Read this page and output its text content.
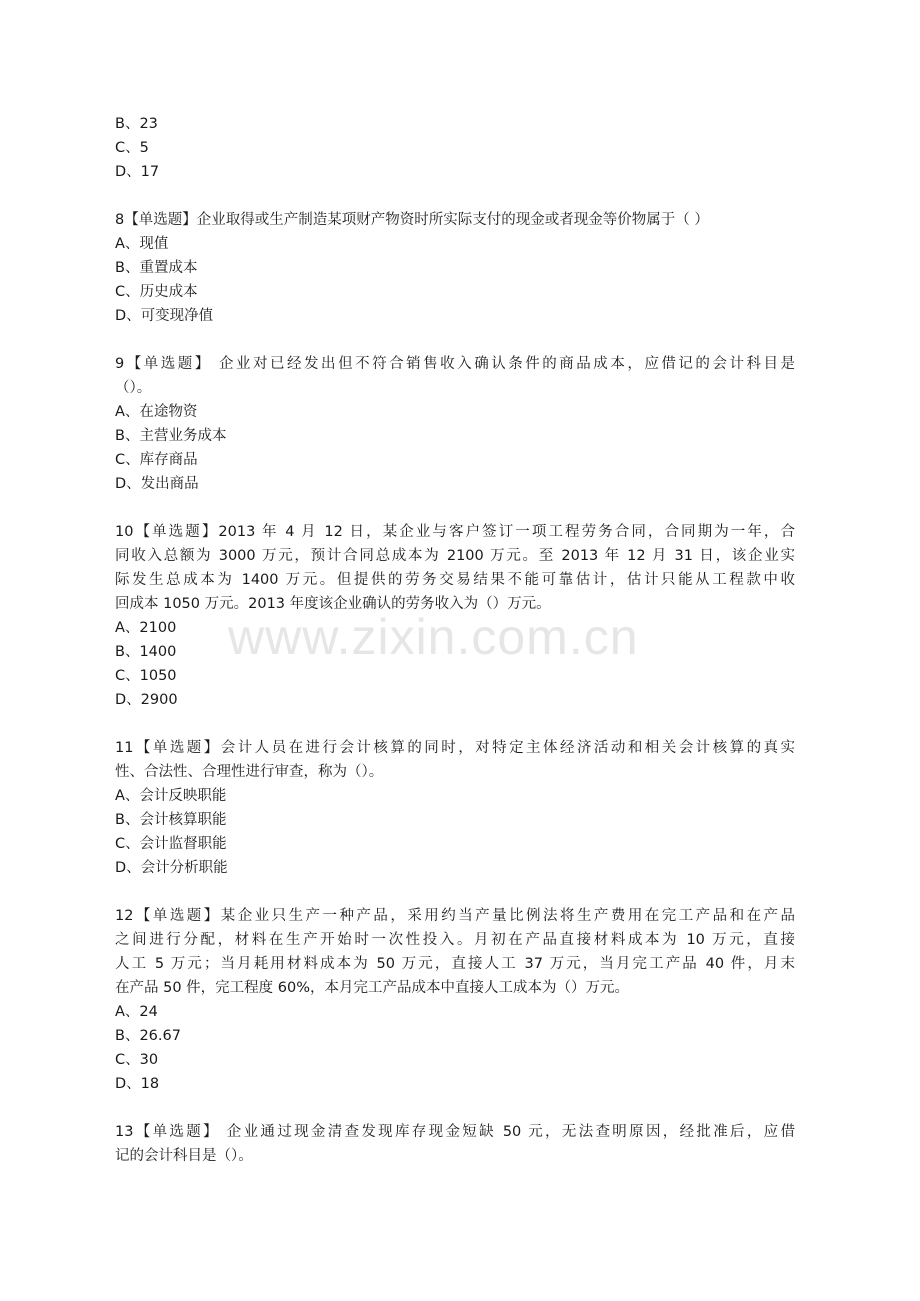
www.zixin.com.cn
B、23
C、5
D、17
8【单选题】企业取得或生产制造某项财产物资时所实际支付的现金或者现金等价物属于（ ）
A、现值
B、重置成本
C、历史成本
D、可变现净值
9【单选题】 企业对已经发出但不符合销售收入确认条件的商品成本，应借记的会计科目是
（）。
A、在途物资
B、主营业务成本
C、库存商品
D、发出商品
10【单选题】2013 年 4 月 12 日，某企业与客户签订一项工程劳务合同，合同期为一年，合
同收入总额为 3000 万元，预计合同总成本为 2100 万元。至 2013 年 12 月 31 日，该企业实
际发生总成本为 1400 万元。但提供的劳务交易结果不能可靠估计，估计只能从工程款中收
回成本 1050 万元。2013 年度该企业确认的劳务收入为（）万元。
A、2100
B、1400
C、1050
D、2900
11【单选题】会计人员在进行会计核算的同时，对特定主体经济活动和相关会计核算的真实
性、合法性、合理性进行审查，称为（）。
A、会计反映职能
B、会计核算职能
C、会计监督职能
D、会计分析职能
12【单选题】某企业只生产一种产品，采用约当产量比例法将生产费用在完工产品和在产品
之间进行分配，材料在生产开始时一次性投入。月初在产品直接材料成本为 10 万元，直接
人工 5 万元；当月耗用材料成本为 50 万元，直接人工 37 万元，当月完工产品 40 件，月末
在产品 50 件，完工程度 60%，本月完工产品成本中直接人工成本为（）万元。
A、24
B、26.67
C、30
D、18
13【单选题】 企业通过现金清查发现库存现金短缺 50 元，无法查明原因，经批准后，应借
记的会计科目是（）。
